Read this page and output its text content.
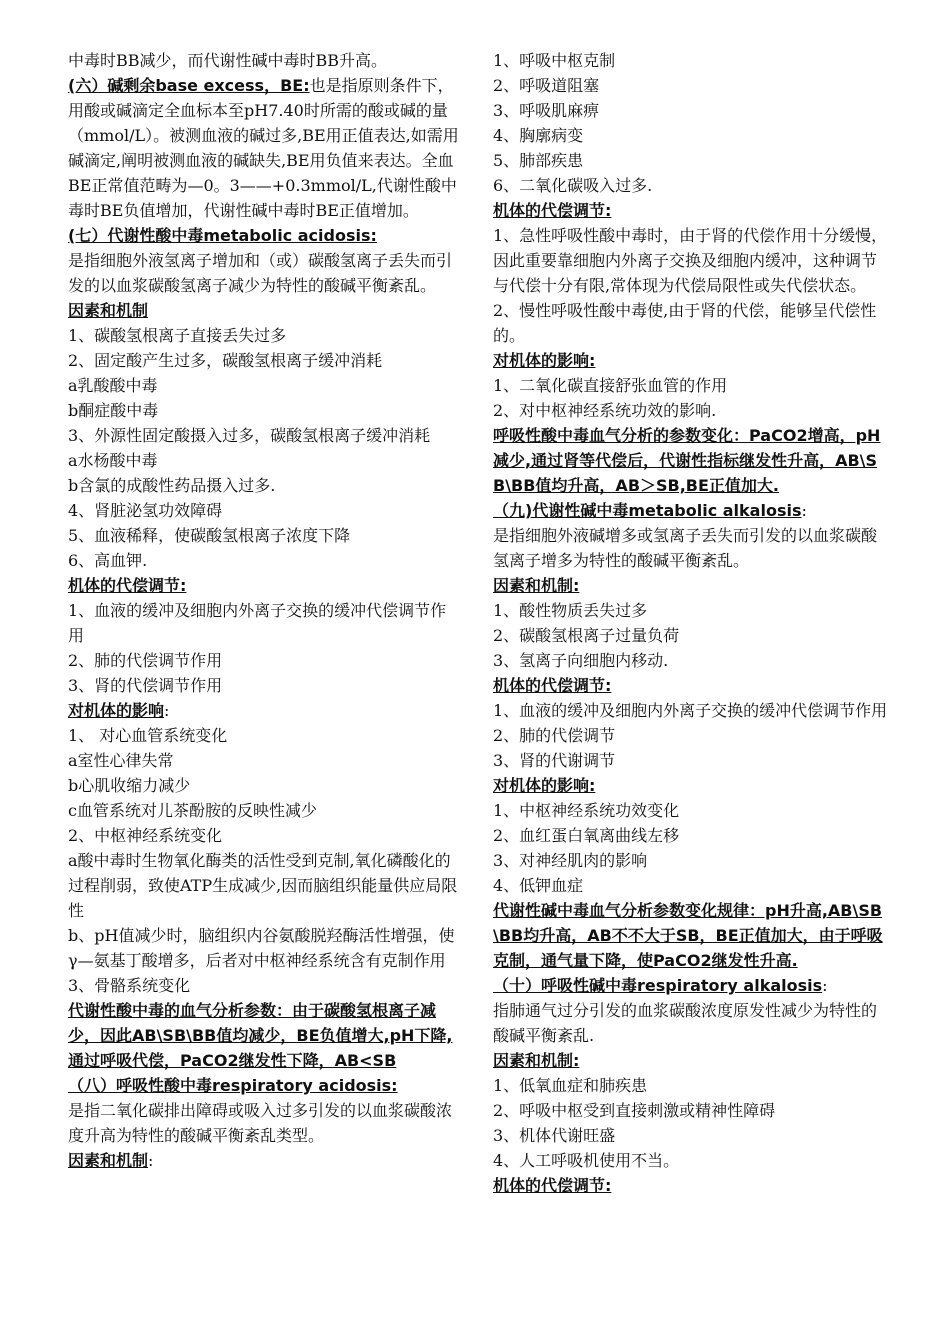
中毒时BB减少，而代谢性碱中毒时BB升高。
(六）碱剩余base excess，BE:也是指原则条件下，用酸或碱滴定全血标本至pH7.40时所需的酸或碱的量（mmol/L）。被测血液的碱过多,BE用正值表达,如需用碱滴定,阐明被测血液的碱缺失,BE用负值来表达。全血BE正常值范畴为—0。3——+0.3mmol/L,代谢性酸中毒时BE负值增加，代谢性碱中毒时BE正值增加。
(七）代谢性酸中毒metabolic acidosis:
是指细胞外液氢离子增加和（或）碳酸氢离子丢失而引发的以血浆碳酸氢离子减少为特性的酸碱平衡紊乱。
因素和机制
1、碳酸氢根离子直接丢失过多
2、固定酸产生过多，碳酸氢根离子缓冲消耗
a乳酸酸中毒
b酮症酸中毒
3、外源性固定酸摄入过多，碳酸氢根离子缓冲消耗
a水杨酸中毒
b含氯的成酸性药品摄入过多.
4、肾脏泌氢功效障碍
5、血液稀释，使碳酸氢根离子浓度下降
6、高血钾.
机体的代偿调节:
1、血液的缓冲及细胞内外离子交换的缓冲代偿调节作用
2、肺的代偿调节作用
3、肾的代偿调节作用
对机体的影响:
1、 对心血管系统变化
a室性心律失常
b心肌收缩力减少
c血管系统对儿茶酚胺的反映性减少
2、中枢神经系统变化
a酸中毒时生物氧化酶类的活性受到克制,氧化磷酸化的过程削弱，致使ATP生成减少,因而脑组织能量供应局限性
b、pH值减少时，脑组织内谷氨酸脱羟酶活性增强，使γ—氨基丁酸增多，后者对中枢神经系统含有克制作用
3、骨骼系统变化
代谢性酸中毒的血气分析参数：由于碳酸氢根离子减少，因此AB\SB\BB值均减少，BE负值增大,pH下降,通过呼吸代偿，PaCO2继发性下降，AB<SB
（八）呼吸性酸中毒respiratory acidosis:
是指二氧化碳排出障碍或吸入过多引发的以血浆碳酸浓度升高为特性的酸碱平衡紊乱类型。
因素和机制:
1、呼吸中枢克制
2、呼吸道阻塞
3、呼吸肌麻痹
4、胸廓病变
5、肺部疾患
6、二氧化碳吸入过多.
机体的代偿调节:
1、急性呼吸性酸中毒时，由于肾的代偿作用十分缓慢，因此重要靠细胞内外离子交换及细胞内缓冲，这种调节与代偿十分有限,常体现为代偿局限性或失代偿状态。
2、慢性呼吸性酸中毒使,由于肾的代偿，能够呈代偿性的。
对机体的影响:
1、二氧化碳直接舒张血管的作用
2、对中枢神经系统功效的影响.
呼吸性酸中毒血气分析的参数变化：PaCO2增高，pH减少,通过肾等代偿后，代谢性指标继发性升高，AB\SB\BB值均升高，AB＞SB,BE正值加大.
（九)代谢性碱中毒metabolic alkalosis:
是指细胞外液碱增多或氢离子丢失而引发的以血浆碳酸氢离子增多为特性的酸碱平衡紊乱。
因素和机制:
1、酸性物质丢失过多
2、碳酸氢根离子过量负荷
3、氢离子向细胞内移动.
机体的代偿调节:
1、血液的缓冲及细胞内外离子交换的缓冲代偿调节作用
2、肺的代偿调节
3、肾的代谢调节
对机体的影响:
1、中枢神经系统功效变化
2、血红蛋白氧离曲线左移
3、对神经肌肉的影响
4、低钾血症
代谢性碱中毒血气分析参数变化规律：pH升高,AB\SB\BB均升高，AB不不大于SB，BE正值加大，由于呼吸克制，通气量下降，使PaCO2继发性升高.
（十）呼吸性碱中毒respiratory alkalosis:
指肺通气过分引发的血浆碳酸浓度原发性减少为特性的酸碱平衡紊乱.
因素和机制:
1、低氧血症和肺疾患
2、呼吸中枢受到直接刺激或精神性障碍
3、机体代谢旺盛
4、人工呼吸机使用不当。
机体的代偿调节:
